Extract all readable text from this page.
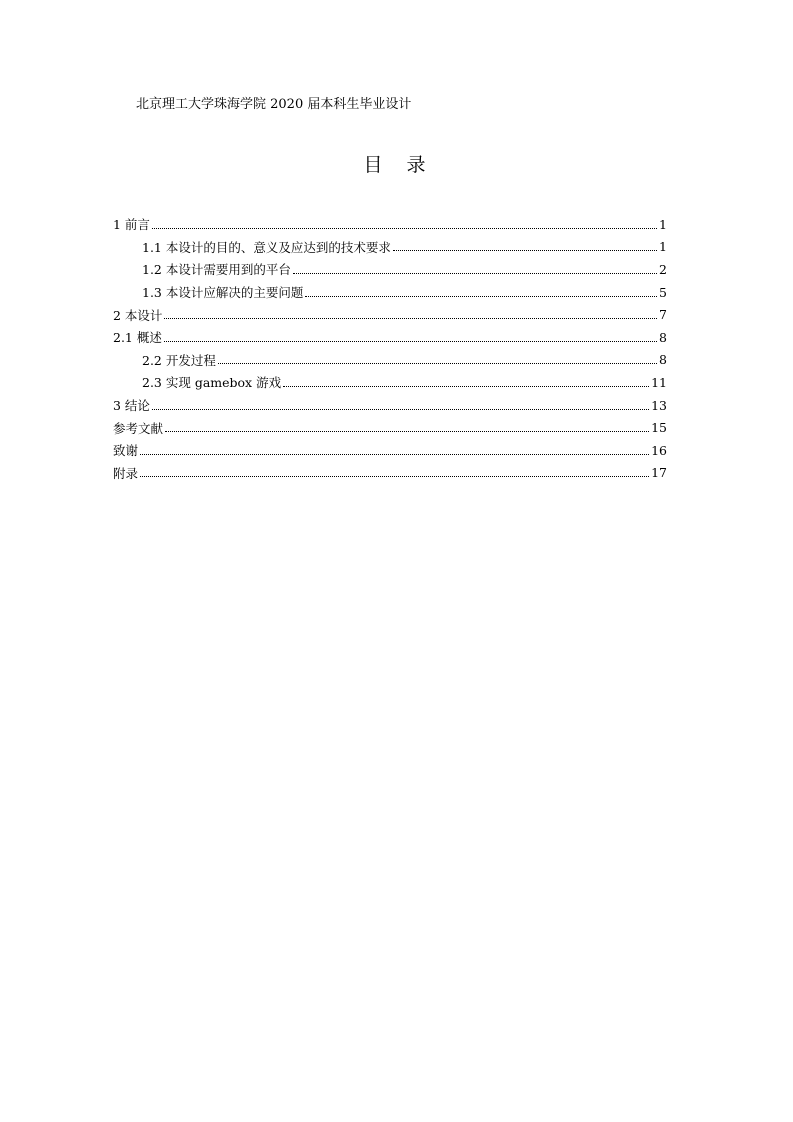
北京理工大学珠海学院 2020 届本科生毕业设计
目  录
1 前言	1
1.1 本设计的目的、意义及应达到的技术要求	1
1.2 本设计需要用到的平台	2
1.3 本设计应解决的主要问题	5
2 本设计	7
2.1 概述	8
2.2 开发过程	8
2.3 实现 gamebox 游戏	11
3 结论	13
参考文献	15
致谢	16
附录	17
